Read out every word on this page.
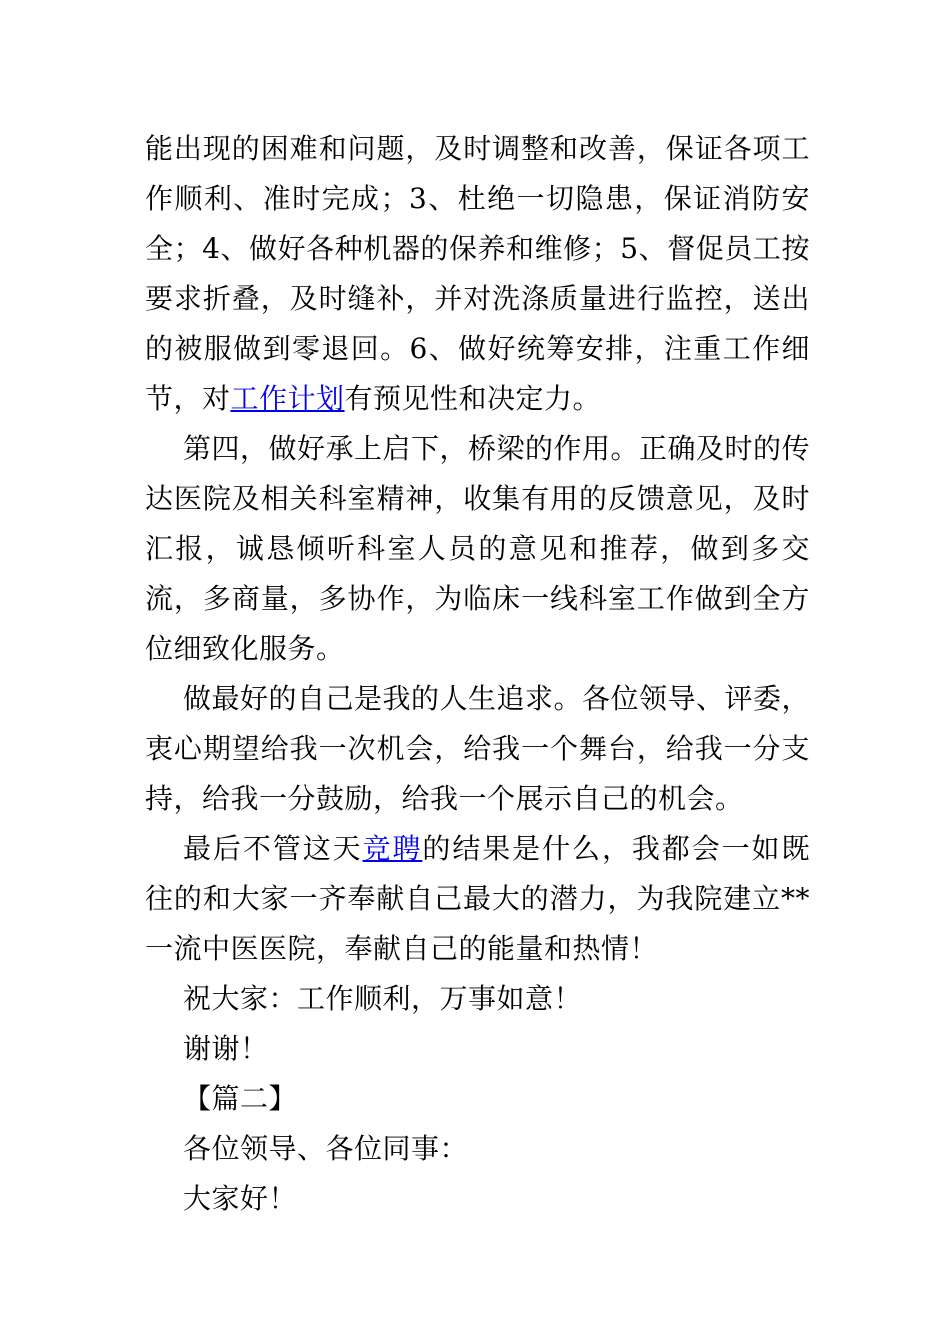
能出现的困难和问题，及时调整和改善，保证各项工作顺利、准时完成；3、杜绝一切隐患，保证消防安全；4、做好各种机器的保养和维修；5、督促员工按要求折叠，及时缝补，并对洗涤质量进行监控，送出的被服做到零退回。6、做好统筹安排，注重工作细节，对工作计划有预见性和决定力。

第四，做好承上启下，桥梁的作用。正确及时的传达医院及相关科室精神，收集有用的反馈意见，及时汇报，诚恳倾听科室人员的意见和推荐，做到多交流，多商量，多协作，为临床一线科室工作做到全方位细致化服务。

做最好的自己是我的人生追求。各位领导、评委，衷心期望给我一次机会，给我一个舞台，给我一分支持，给我一分鼓励，给我一个展示自己的机会。

最后不管这天竞聘的结果是什么，我都会一如既往的和大家一齐奉献自己最大的潜力，为我院建立**一流中医医院，奉献自己的能量和热情！

祝大家：工作顺利，万事如意！

谢谢！

【篇二】

各位领导、各位同事：

大家好！
